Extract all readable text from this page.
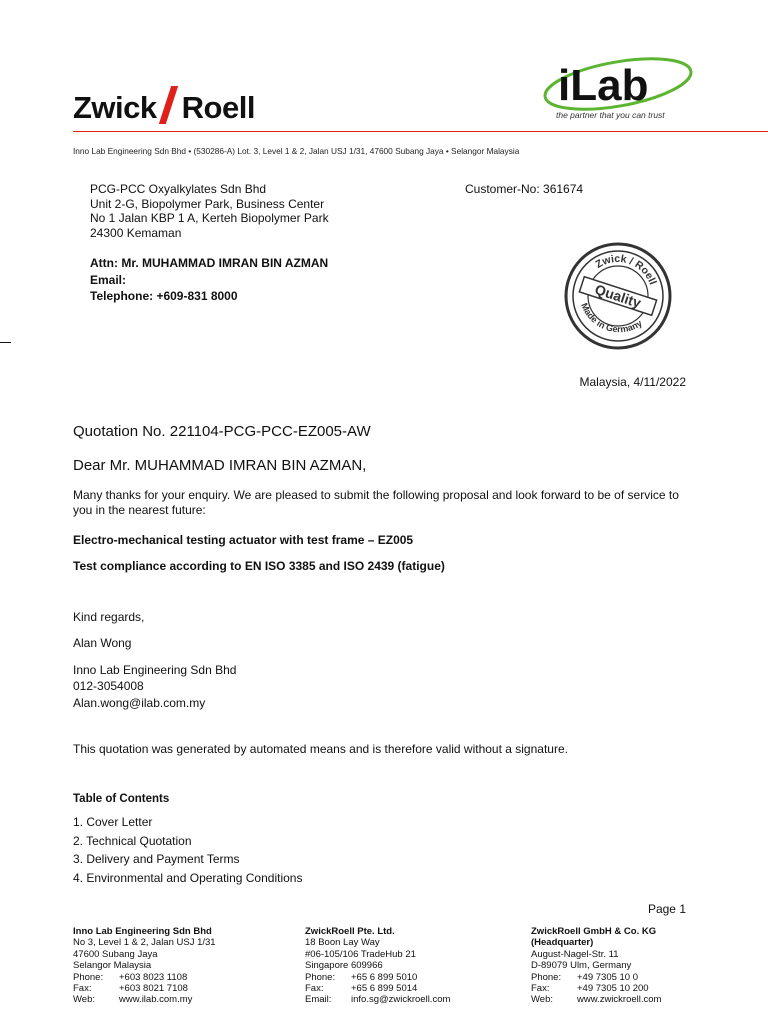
Zwick Roell	iLab
the partner that you can trust
Inno Lab Engineering Sdn Bhd • (530286-A) Lot. 3, Level 1 & 2, Jalan USJ 1/31, 47600 Subang Jaya • Selangor Malaysia
PCG-PCC Oxyalkylates Sdn Bhd
Unit 2-G, Biopolymer Park, Business Center
No 1 Jalan KBP 1 A, Kerteh Biopolymer Park
24300 Kemaman
Customer-No: 361674
Attn: Mr. MUHAMMAD IMRAN BIN AZMAN
Email:
Telephone: +609-831 8000
Zwick / Roell
Made in Germany
Quality
Malaysia, 4/11/2022
Quotation No. 221104-PCG-PCC-EZ005-AW
Dear Mr. MUHAMMAD IMRAN BIN AZMAN,
Many thanks for your enquiry. We are pleased to submit the following proposal and look forward to be of service to you in the nearest future:
Electro-mechanical testing actuator with test frame – EZ005
Test compliance according to EN ISO 3385 and ISO 2439 (fatigue)
Kind regards,
Alan Wong
Inno Lab Engineering Sdn Bhd
012-3054008
Alan.wong@ilab.com.my
This quotation was generated by automated means and is therefore valid without a signature.
Table of Contents
1. Cover Letter
2. Technical Quotation
3. Delivery and Payment Terms
4. Environmental and Operating Conditions
Page 1
Inno Lab Engineering Sdn Bhd
No 3, Level 1 & 2, Jalan USJ 1/31
47600 Subang Jaya
Selangor Malaysia
Phone:	+603 8023 1108
Fax:	+603 8021 7108
Web:	www.ilab.com.my
ZwickRoell Pte. Ltd.
18 Boon Lay Way
#06-105/106 TradeHub 21
Singapore 609966
Phone:	+65 6 899 5010
Fax:	+65 6 899 5014
Email:	info.sg@zwickroell.com
ZwickRoell GmbH & Co. KG
(Headquarter)
August-Nagel-Str. 11
D-89079 Ulm, Germany
Phone:	+49 7305 10 0
Fax:	+49 7305 10 200
Web:	www.zwickroell.com
